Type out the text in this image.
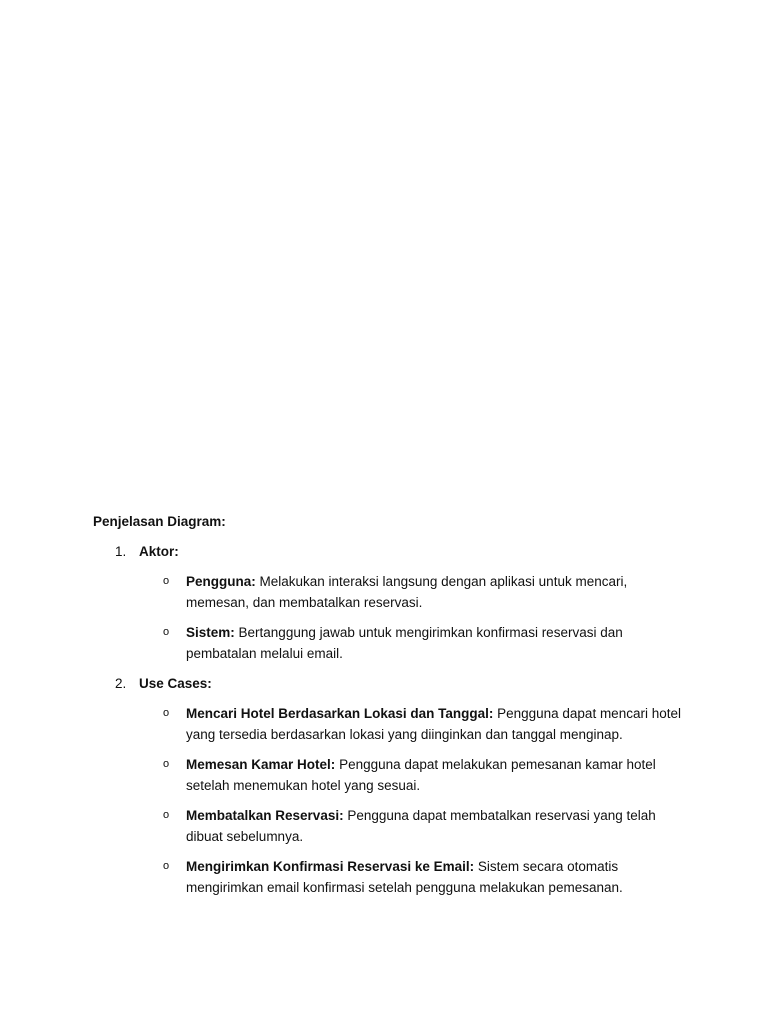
Penjelasan Diagram:
1. Aktor:
o Pengguna: Melakukan interaksi langsung dengan aplikasi untuk mencari, memesan, dan membatalkan reservasi.
o Sistem: Bertanggung jawab untuk mengirimkan konfirmasi reservasi dan pembatalan melalui email.
2. Use Cases:
o Mencari Hotel Berdasarkan Lokasi dan Tanggal: Pengguna dapat mencari hotel yang tersedia berdasarkan lokasi yang diinginkan dan tanggal menginap.
o Memesan Kamar Hotel: Pengguna dapat melakukan pemesanan kamar hotel setelah menemukan hotel yang sesuai.
o Membatalkan Reservasi: Pengguna dapat membatalkan reservasi yang telah dibuat sebelumnya.
o Mengirimkan Konfirmasi Reservasi ke Email: Sistem secara otomatis mengirimkan email konfirmasi setelah pengguna melakukan pemesanan.
